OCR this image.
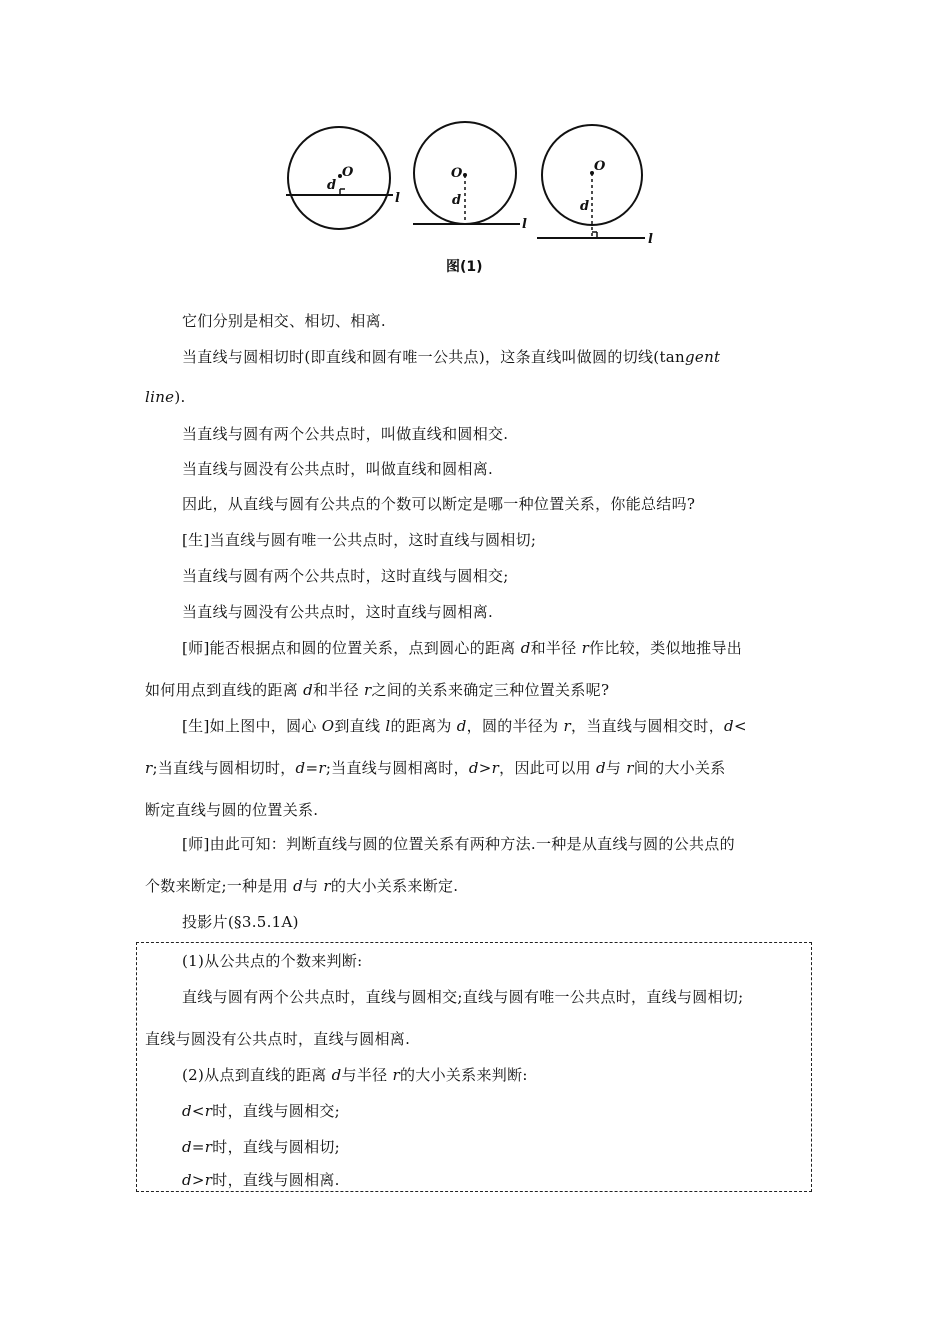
O
d
l
O
d
l
O
d
l
图(1)
它们分别是相交、相切、相离.
当直线与圆相切时(即直线和圆有唯一公共点)，这条直线叫做圆的切线(tangent
line).
当直线与圆有两个公共点时，叫做直线和圆相交.
当直线与圆没有公共点时，叫做直线和圆相离.
因此，从直线与圆有公共点的个数可以断定是哪一种位置关系，你能总结吗?
[生]当直线与圆有唯一公共点时，这时直线与圆相切;
当直线与圆有两个公共点时，这时直线与圆相交;
当直线与圆没有公共点时，这时直线与圆相离.
[师]能否根据点和圆的位置关系，点到圆心的距离 d和半径 r作比较，类似地推导出
如何用点到直线的距离 d和半径 r之间的关系来确定三种位置关系呢?
[生]如上图中，圆心 O到直线 l的距离为 d，圆的半径为 r，当直线与圆相交时，d<
r;当直线与圆相切时，d=r;当直线与圆相离时，d>r，因此可以用 d与 r间的大小关系
断定直线与圆的位置关系.
[师]由此可知：判断直线与圆的位置关系有两种方法.一种是从直线与圆的公共点的
个数来断定;一种是用 d与 r的大小关系来断定.
投影片(§3.5.1A)
(1)从公共点的个数来判断:
直线与圆有两个公共点时，直线与圆相交;直线与圆有唯一公共点时，直线与圆相切;
直线与圆没有公共点时，直线与圆相离.
(2)从点到直线的距离 d与半径 r的大小关系来判断:
d<r时，直线与圆相交;
d=r时，直线与圆相切;
d>r时，直线与圆相离.
